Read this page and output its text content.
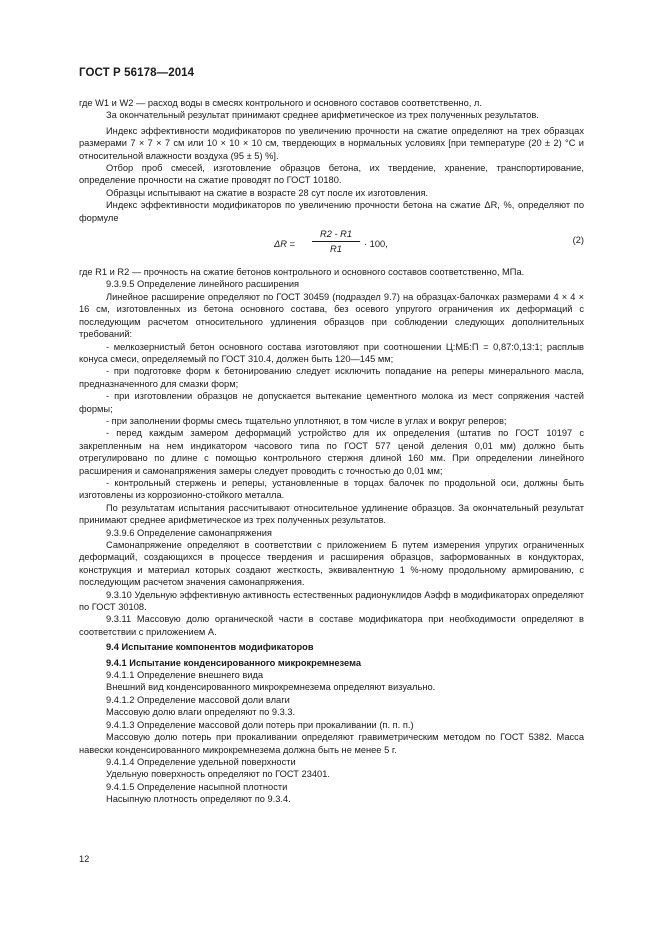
ГОСТ Р 56178—2014

где W1 и W2 — расход воды в смесях контрольного и основного составов соответственно, л.

За окончательный результат принимают среднее арифметическое из трех полученных результатов.

Индекс эффективности модификаторов по увеличению прочности на сжатие определяют на трех образцах размерами 7 × 7 × 7 см или 10 × 10 × 10 см, твердеющих в нормальных условиях [при температуре (20 ± 2) °С и относительной влажности воздуха (95 ± 5) %].

Отбор проб смесей, изготовление образцов бетона, их твердение, хранение, транспортирование, определение прочности на сжатие проводят по ГОСТ 10180.

Образцы испытывают на сжатие в возрасте 28 сут после их изготовления.

Индекс эффективности модификаторов по увеличению прочности бетона на сжатие ΔR, %, определяют по формуле

$\Delta R = \frac{R2 - R1}{R1} \cdot 100$,	(2)

где R1 и R2 — прочность на сжатие бетонов контрольного и основного составов соответственно, МПа.

9.3.9.5 Определение линейного расширения

Линейное расширение определяют по ГОСТ 30459 (подраздел 9.7) на образцах-балочках размерами 4 × 4 × 16 см, изготовленных из бетона основного состава, без осевого упругого ограничения их деформаций с последующим расчетом относительного удлинения образцов при соблюдении следующих дополнительных требований:

- мелкозернистый бетон основного состава изготовляют при соотношении Ц:МБ:П = 0,87:0,13:1; расплыв конуса смеси, определяемый по ГОСТ 310.4, должен быть 120—145 мм;

- при подготовке форм к бетонированию следует исключить попадание на реперы минерального масла, предназначенного для смазки форм;

- при изготовлении образцов не допускается вытекание цементного молока из мест сопряжения частей формы;

- при заполнении формы смесь тщательно уплотняют, в том числе в углах и вокруг реперов;

- перед каждым замером деформаций устройство для их определения (штатив по ГОСТ 10197 с закрепленным на нем индикатором часового типа по ГОСТ 577 ценой деления 0,01 мм) должно быть отрегулировано по длине с помощью контрольного стержня длиной 160 мм. При определении линейного расширения и самонапряжения замеры следует проводить с точностью до 0,01 мм;

- контрольный стержень и реперы, установленные в торцах балочек по продольной оси, должны быть изготовлены из коррозионно-стойкого металла.

По результатам испытания рассчитывают относительное удлинение образцов. За окончательный результат принимают среднее арифметическое из трех полученных результатов.

9.3.9.6 Определение самонапряжения

Самонапряжение определяют в соответствии с приложением Б путем измерения упругих ограниченных деформаций, создающихся в процессе твердения и расширения образцов, заформованных в кондукторах, конструкция и материал которых создают жесткость, эквивалентную 1 %-ному продольному армированию, с последующим расчетом значения самонапряжения.

9.3.10 Удельную эффективную активность естественных радионуклидов Аэфф в модификаторах определяют по ГОСТ 30108.

9.3.11 Массовую долю органической части в составе модификатора при необходимости определяют в соответствии с приложением А.

9.4 Испытание компонентов модификаторов

9.4.1 Испытание конденсированного микрокремнезема

9.4.1.1 Определение внешнего вида

Внешний вид конденсированного микрокремнезема определяют визуально.

9.4.1.2 Определение массовой доли влаги

Массовую долю влаги определяют по 9.3.3.

9.4.1.3 Определение массовой доли потерь при прокаливании (п. п. п.)

Массовую долю потерь при прокаливании определяют гравиметрическим методом по ГОСТ 5382. Масса навески конденсированного микрокремнезема должна быть не менее 5 г.

9.4.1.4 Определение удельной поверхности

Удельную поверхность определяют по ГОСТ 23401.

9.4.1.5 Определение насыпной плотности

Насыпную плотность определяют по 9.3.4.

12
